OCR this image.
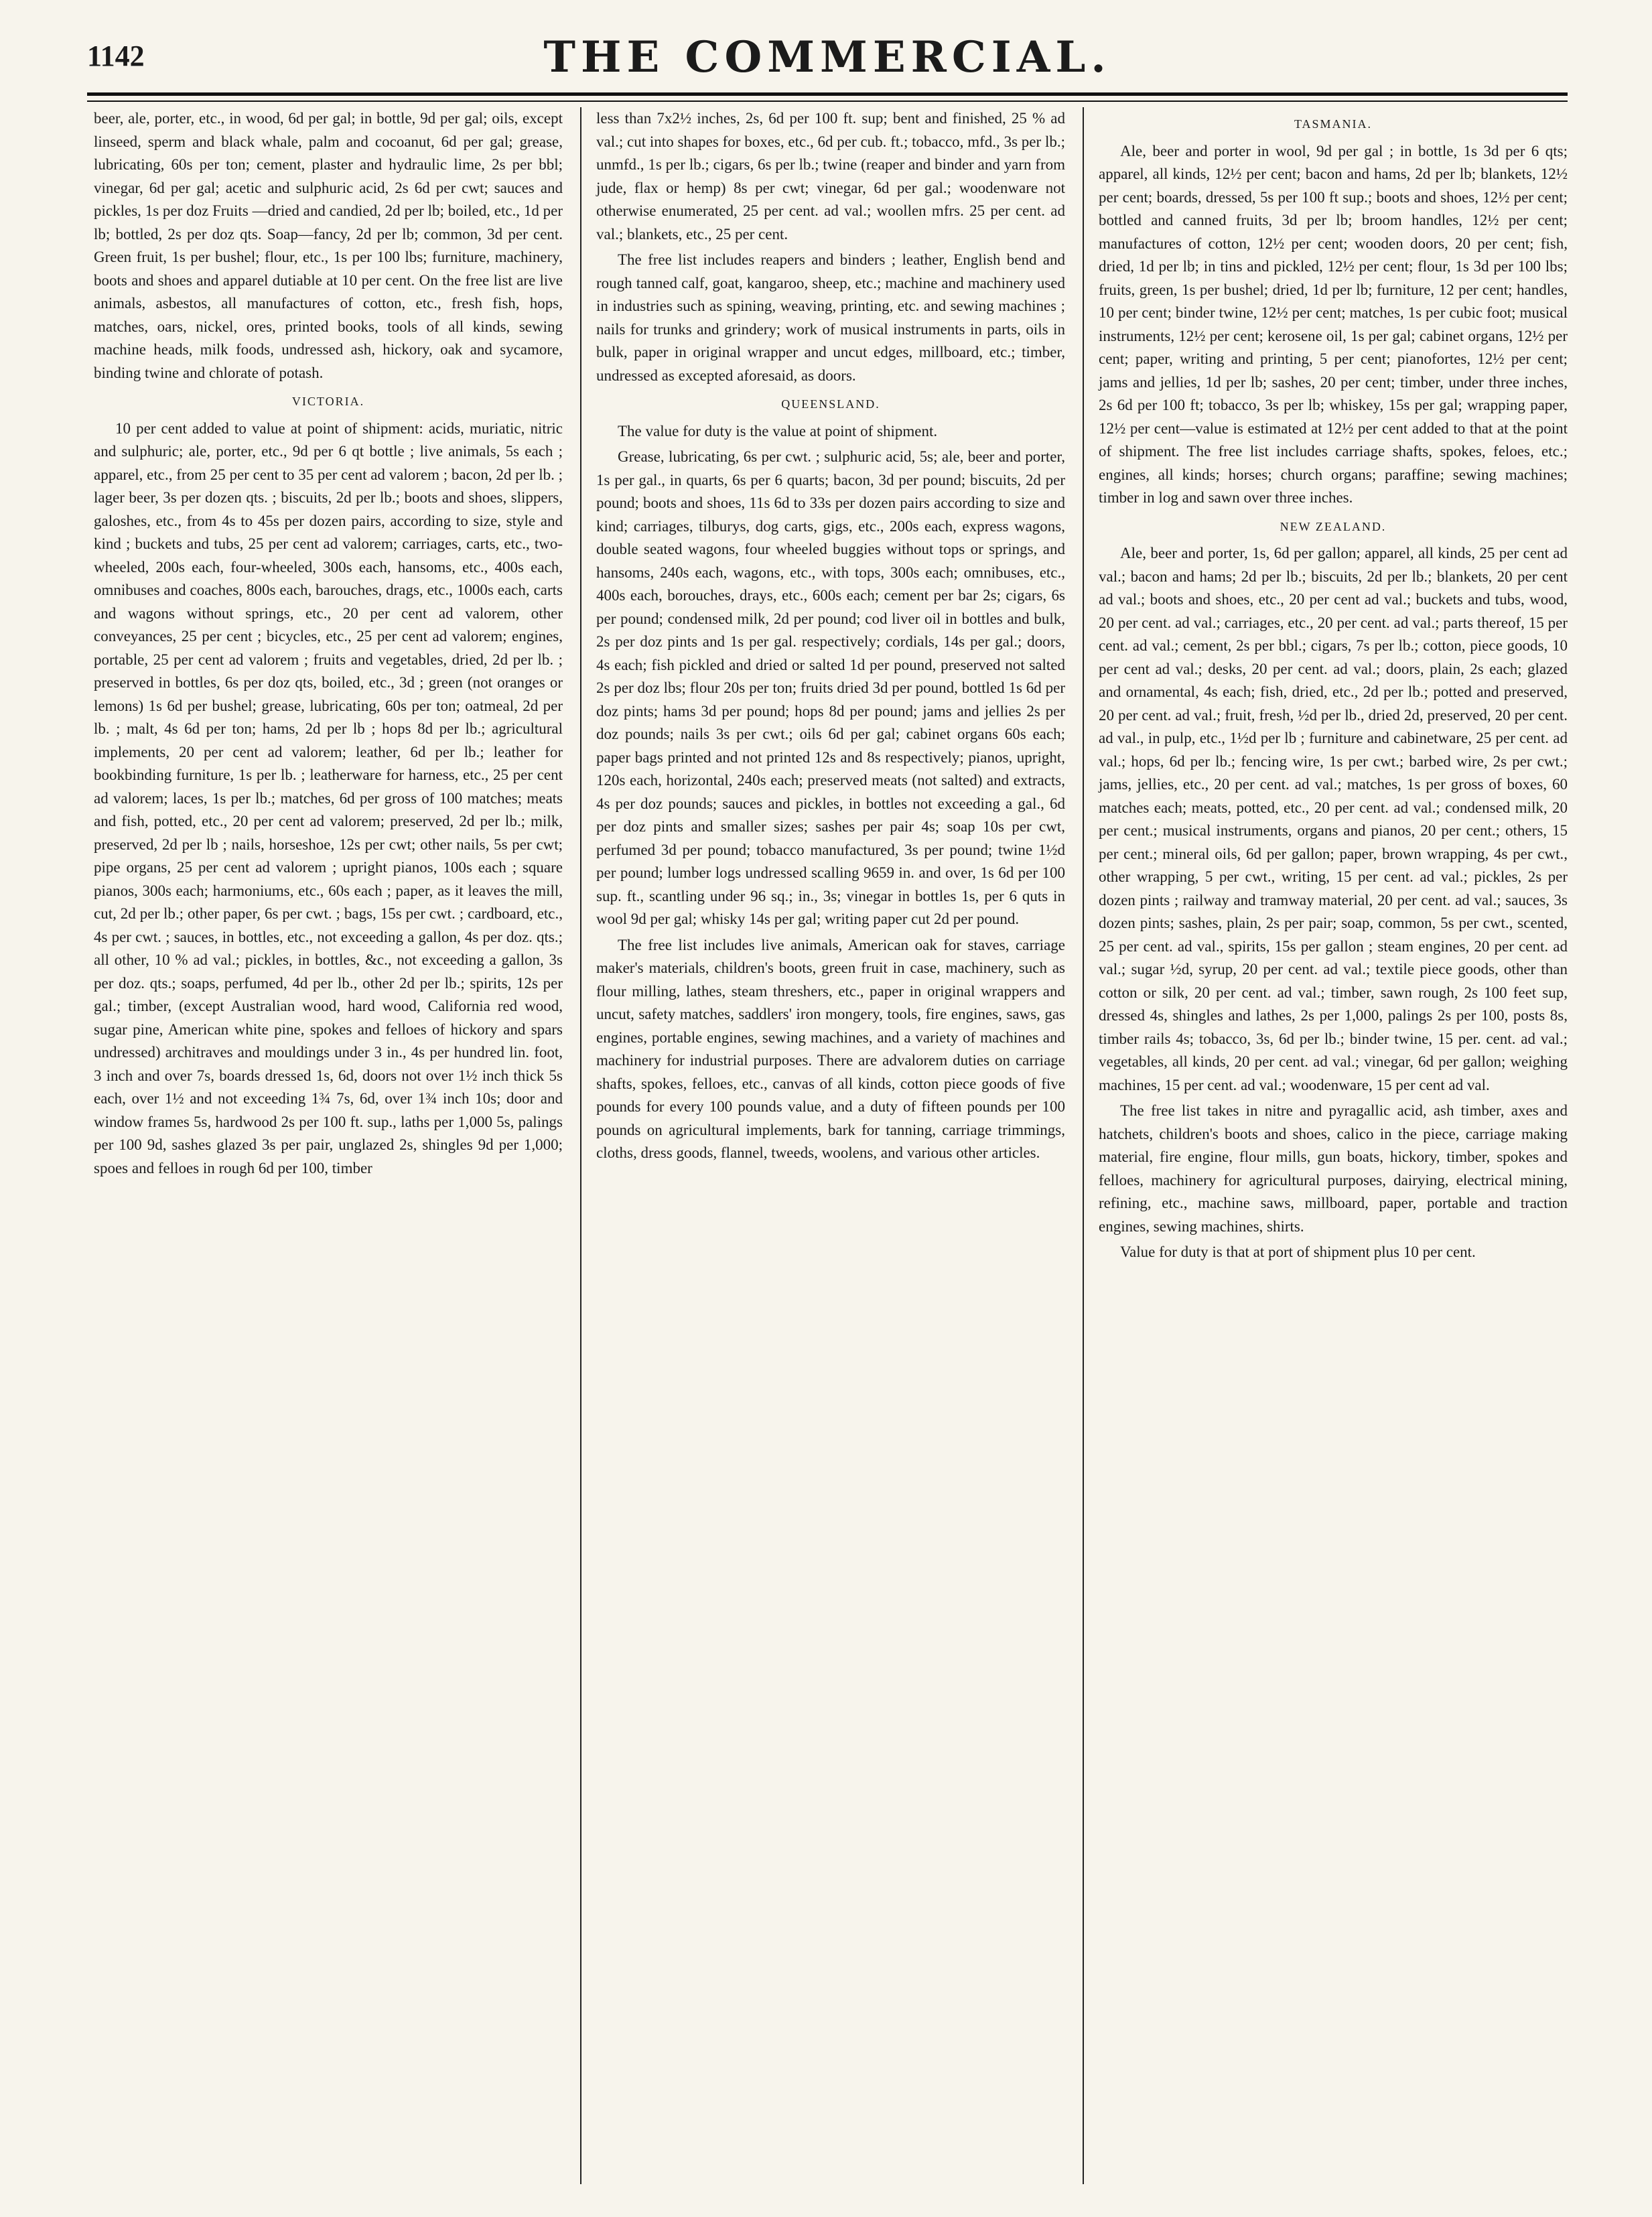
1142	THE COMMERCIAL.

beer, ale, porter, etc., in wood, 6d per gal; in bottle, 9d per gal; oils, except linseed, sperm and black whale, palm and cocoanut, 6d per gal; grease, lubricating, 60s per ton; cement, plaster and hydraulic lime, 2s per bbl; vinegar, 6d per gal; acetic and sulphuric acid, 2s 6d per cwt; sauces and pickles, 1s per doz Fruits —dried and candied, 2d per lb; boiled, etc., 1d per lb; bottled, 2s per doz qts. Soap—fancy, 2d per lb; common, 3d per cent. Green fruit, 1s per bushel; flour, etc., 1s per 100 lbs; furniture, machinery, boots and shoes and apparel dutiable at 10 per cent. On the free list are live animals, asbestos, all manufactures of cotton, etc., fresh fish, hops, matches, oars, nickel, ores, printed books, tools of all kinds, sewing machine heads, milk foods, undressed ash, hickory, oak and sycamore, binding twine and chlorate of potash.

VICTORIA.

10 per cent added to value at point of shipment: acids, muriatic, nitric and sulphuric; ale, porter, etc., 9d per 6 qt bottle ; live animals, 5s each ; apparel, etc., from 25 per cent to 35 per cent ad valorem ; bacon, 2d per lb. ; lager beer, 3s per dozen qts. ; biscuits, 2d per lb.; boots and shoes, slippers, galoshes, etc., from 4s to 45s per dozen pairs, according to size, style and kind ; buckets and tubs, 25 per cent ad valorem; carriages, carts, etc., two-wheeled, 200s each, four-wheeled, 300s each, hansoms, etc., 400s each, omnibuses and coaches, 800s each, barouches, drags, etc., 1000s each, carts and wagons without springs, etc., 20 per cent ad valorem, other conveyances, 25 per cent ; bicycles, etc., 25 per cent ad valorem; engines, portable, 25 per cent ad valorem ; fruits and vegetables, dried, 2d per lb. ; preserved in bottles, 6s per doz qts, boiled, etc., 3d ; green (not oranges or lemons) 1s 6d per bushel; grease, lubricating, 60s per ton; oatmeal, 2d per lb. ; malt, 4s 6d per ton; hams, 2d per lb ; hops 8d per lb.; agricultural implements, 20 per cent ad valorem; leather, 6d per lb.; leather for bookbinding furniture, 1s per lb. ; leatherware for harness, etc., 25 per cent ad valorem; laces, 1s per lb.; matches, 6d per gross of 100 matches; meats and fish, potted, etc., 20 per cent ad valorem; preserved, 2d per lb.; milk, preserved, 2d per lb ; nails, horseshoe, 12s per cwt; other nails, 5s per cwt; pipe organs, 25 per cent ad valorem ; upright pianos, 100s each ; square pianos, 300s each; harmoniums, etc., 60s each ; paper, as it leaves the mill, cut, 2d per lb.; other paper, 6s per cwt. ; bags, 15s per cwt. ; cardboard, etc., 4s per cwt. ; sauces, in bottles, etc., not exceeding a gallon, 4s per doz. qts.; all other, 10 % ad val.; pickles, in bottles, &c., not exceeding a gallon, 3s per doz. qts.; soaps, perfumed, 4d per lb., other 2d per lb.; spirits, 12s per gal.; timber, (except Australian wood, hard wood, California red wood, sugar pine, American white pine, spokes and felloes of hickory and spars undressed) architraves and mouldings under 3 in., 4s per hundred lin. foot, 3 inch and over 7s, boards dressed 1s, 6d, doors not over 1½ inch thick 5s each, over 1½ and not exceeding 1¾ 7s, 6d, over 1¾ inch 10s; door and window frames 5s, hardwood 2s per 100 ft. sup., laths per 1,000 5s, palings per 100 9d, sashes glazed 3s per pair, unglazed 2s, shingles 9d per 1,000; spoes and felloes in rough 6d per 100, timber

less than 7x2½ inches, 2s, 6d per 100 ft. sup; bent and finished, 25 % ad val.; cut into shapes for boxes, etc., 6d per cub. ft.; tobacco, mfd., 3s per lb.; unmfd., 1s per lb.; cigars, 6s per lb.; twine (reaper and binder and yarn from jude, flax or hemp) 8s per cwt; vinegar, 6d per gal.; woodenware not otherwise enumerated, 25 per cent. ad val.; woollen mfrs. 25 per cent. ad val.; blankets, etc., 25 per cent.

The free list includes reapers and binders ; leather, English bend and rough tanned calf, goat, kangaroo, sheep, etc.; machine and machinery used in industries such as spining, weaving, printing, etc. and sewing machines ; nails for trunks and grindery; work of musical instruments in parts, oils in bulk, paper in original wrapper and uncut edges, millboard, etc.; timber, undressed as excepted aforesaid, as doors.

QUEENSLAND.

The value for duty is the value at point of shipment.

Grease, lubricating, 6s per cwt. ; sulphuric acid, 5s; ale, beer and porter, 1s per gal., in quarts, 6s per 6 quarts; bacon, 3d per pound; biscuits, 2d per pound; boots and shoes, 11s 6d to 33s per dozen pairs according to size and kind; carriages, tilburys, dog carts, gigs, etc., 200s each, express wagons, double seated wagons, four wheeled buggies without tops or springs, and hansoms, 240s each, wagons, etc., with tops, 300s each; omnibuses, etc., 400s each, borouches, drays, etc., 600s each; cement per bar 2s; cigars, 6s per pound; condensed milk, 2d per pound; cod liver oil in bottles and bulk, 2s per doz pints and 1s per gal. respectively; cordials, 14s per gal.; doors, 4s each; fish pickled and dried or salted 1d per pound, preserved not salted 2s per doz lbs; flour 20s per ton; fruits dried 3d per pound, bottled 1s 6d per doz pints; hams 3d per pound; hops 8d per pound; jams and jellies 2s per doz pounds; nails 3s per cwt.; oils 6d per gal; cabinet organs 60s each; paper bags printed and not printed 12s and 8s respectively; pianos, upright, 120s each, horizontal, 240s each; preserved meats (not salted) and extracts, 4s per doz pounds; sauces and pickles, in bottles not exceeding a gal., 6d per doz pints and smaller sizes; sashes per pair 4s; soap 10s per cwt, perfumed 3d per pound; tobacco manufactured, 3s per pound; twine 1½d per pound; lumber logs undressed scalling 9659 in. and over, 1s 6d per 100 sup. ft., scantling under 96 sq.; in., 3s; vinegar in bottles 1s, per 6 quts in wool 9d per gal; whisky 14s per gal; writing paper cut 2d per pound.

The free list includes live animals, American oak for staves, carriage maker's materials, children's boots, green fruit in case, machinery, such as flour milling, lathes, steam threshers, etc., paper in original wrappers and uncut, safety matches, saddlers' iron mongery, tools, fire engines, saws, gas engines, portable engines, sewing machines, and a variety of machines and machinery for industrial purposes. There are advalorem duties on carriage shafts, spokes, felloes, etc., canvas of all kinds, cotton piece goods of five pounds for every 100 pounds value, and a duty of fifteen pounds per 100 pounds on agricultural implements, bark for tanning, carriage trimmings, cloths, dress goods, flannel, tweeds, woolens, and various other articles.

TASMANIA.

Ale, beer and porter in wool, 9d per gal ; in bottle, 1s 3d per 6 qts; apparel, all kinds, 12½ per cent; bacon and hams, 2d per lb; blankets, 12½ per cent; boards, dressed, 5s per 100 ft sup.; boots and shoes, 12½ per cent; bottled and canned fruits, 3d per lb; broom handles, 12½ per cent; manufactures of cotton, 12½ per cent; wooden doors, 20 per cent; fish, dried, 1d per lb; in tins and pickled, 12½ per cent; flour, 1s 3d per 100 lbs; fruits, green, 1s per bushel; dried, 1d per lb; furniture, 12 per cent; handles, 10 per cent; binder twine, 12½ per cent; matches, 1s per cubic foot; musical instruments, 12½ per cent; kerosene oil, 1s per gal; cabinet organs, 12½ per cent; paper, writing and printing, 5 per cent; pianofortes, 12½ per cent; jams and jellies, 1d per lb; sashes, 20 per cent; timber, under three inches, 2s 6d per 100 ft; tobacco, 3s per lb; whiskey, 15s per gal; wrapping paper, 12½ per cent—value is estimated at 12½ per cent added to that at the point of shipment. The free list includes carriage shafts, spokes, feloes, etc.; engines, all kinds; horses; church organs; paraffine; sewing machines; timber in log and sawn over three inches.

NEW ZEALAND.

Ale, beer and porter, 1s, 6d per gallon; apparel, all kinds, 25 per cent ad val.; bacon and hams; 2d per lb.; biscuits, 2d per lb.; blankets, 20 per cent ad val.; boots and shoes, etc., 20 per cent ad val.; buckets and tubs, wood, 20 per cent. ad val.; carriages, etc., 20 per cent. ad val.; parts thereof, 15 per cent. ad val.; cement, 2s per bbl.; cigars, 7s per lb.; cotton, piece goods, 10 per cent ad val.; desks, 20 per cent. ad val.; doors, plain, 2s each; glazed and ornamental, 4s each; fish, dried, etc., 2d per lb.; potted and preserved, 20 per cent. ad val.; fruit, fresh, ½d per lb., dried 2d, preserved, 20 per cent. ad val., in pulp, etc., 1½d per lb ; furniture and cabinetware, 25 per cent. ad val.; hops, 6d per lb.; fencing wire, 1s per cwt.; barbed wire, 2s per cwt.; jams, jellies, etc., 20 per cent. ad val.; matches, 1s per gross of boxes, 60 matches each; meats, potted, etc., 20 per cent. ad val.; condensed milk, 20 per cent.; musical instruments, organs and pianos, 20 per cent.; others, 15 per cent.; mineral oils, 6d per gallon; paper, brown wrapping, 4s per cwt., other wrapping, 5 per cwt., writing, 15 per cent. ad val.; pickles, 2s per dozen pints ; railway and tramway material, 20 per cent. ad val.; sauces, 3s dozen pints; sashes, plain, 2s per pair; soap, common, 5s per cwt., scented, 25 per cent. ad val., spirits, 15s per gallon ; steam engines, 20 per cent. ad val.; sugar ½d, syrup, 20 per cent. ad val.; textile piece goods, other than cotton or silk, 20 per cent. ad val.; timber, sawn rough, 2s 100 feet sup, dressed 4s, shingles and lathes, 2s per 1,000, palings 2s per 100, posts 8s, timber rails 4s; tobacco, 3s, 6d per lb.; binder twine, 15 per. cent. ad val.; vegetables, all kinds, 20 per cent. ad val.; vinegar, 6d per gallon; weighing machines, 15 per cent. ad val.; woodenware, 15 per cent ad val.

The free list takes in nitre and pyragallic acid, ash timber, axes and hatchets, children's boots and shoes, calico in the piece, carriage making material, fire engine, flour mills, gun boats, hickory, timber, spokes and felloes, machinery for agricultural purposes, dairying, electrical mining, refining, etc., machine saws, millboard, paper, portable and traction engines, sewing machines, shirts.

Value for duty is that at port of shipment plus 10 per cent.
